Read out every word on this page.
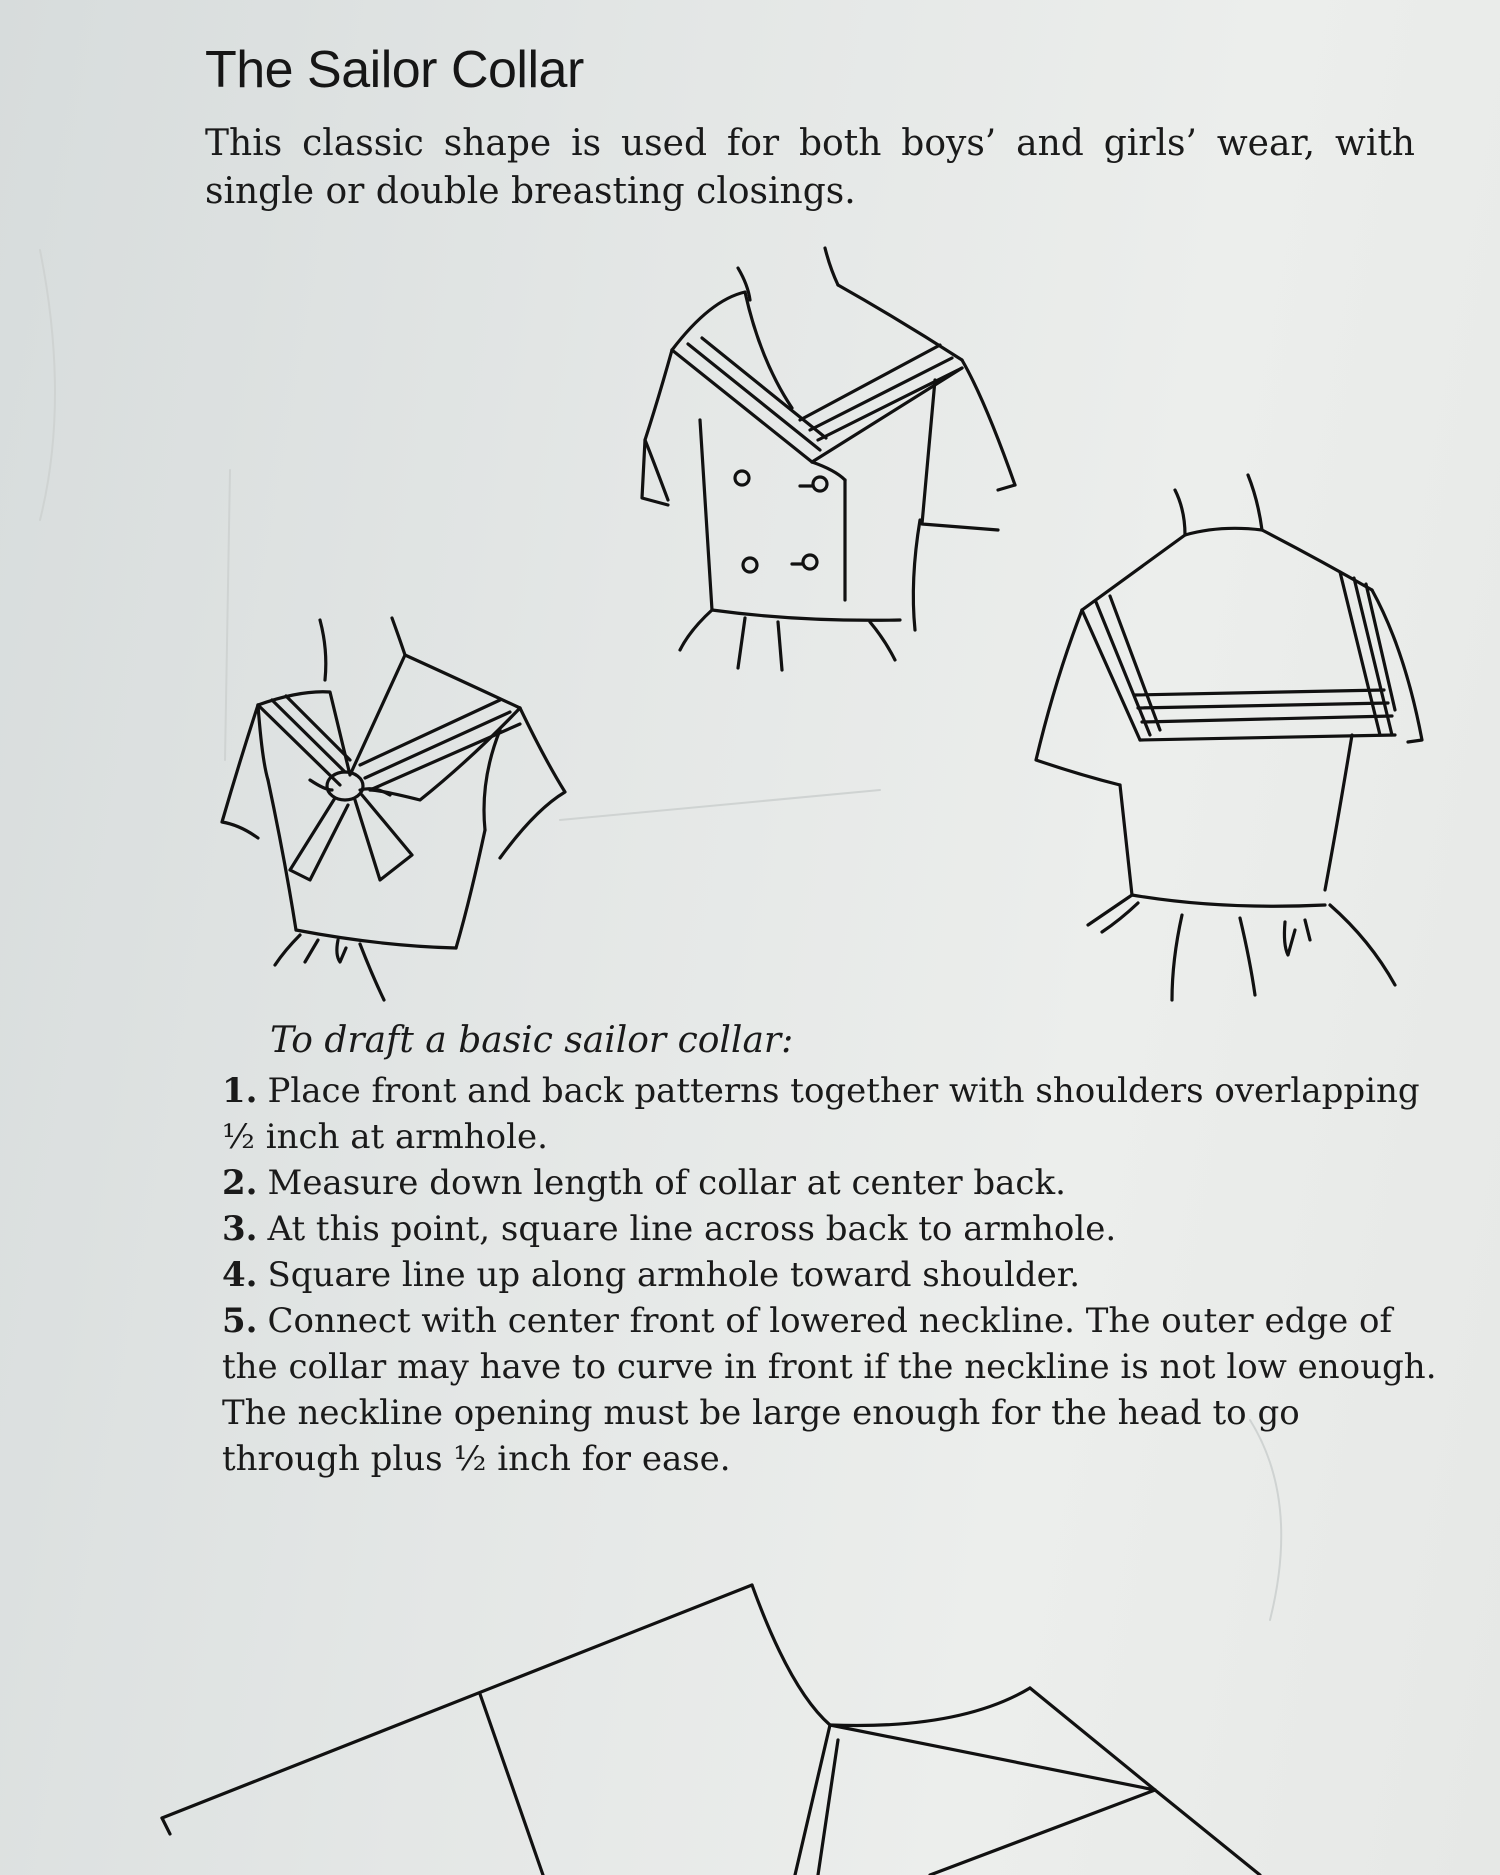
The Sailor Collar

This classic shape is used for both boys’ and girls’ wear, with single or double breasting closings.

To draft a basic sailor collar:

1. Place front and back patterns together with shoulders overlapping ½ inch at armhole.
2. Measure down length of collar at center back.
3. At this point, square line across back to armhole.
4. Square line up along armhole toward shoulder.
5. Connect with center front of lowered neckline. The outer edge of the collar may have to curve in front if the neckline is not low enough. The neckline opening must be large enough for the head to go through plus ½ inch for ease.
